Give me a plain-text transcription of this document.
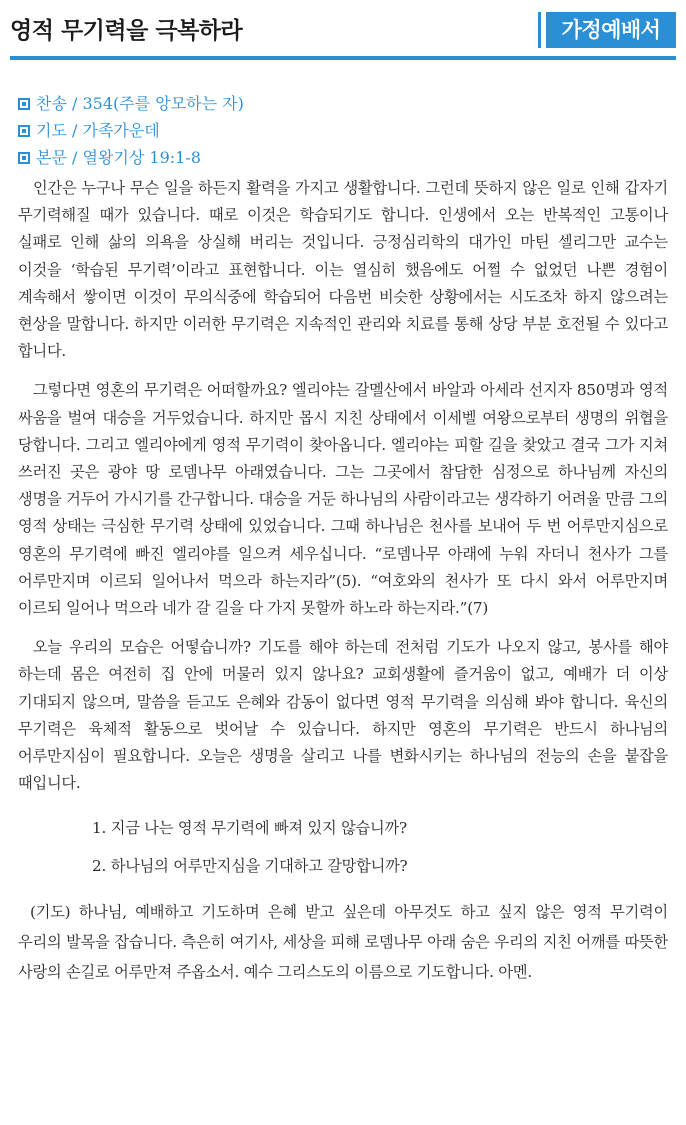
영적 무기력을 극복하라	가정예배서
찬송 / 354(주를 앙모하는 자)
기도 / 가족가운데
본문 / 열왕기상 19:1-8

인간은 누구나 무슨 일을 하든지 활력을 가지고 생활합니다. 그런데 뜻하지 않은 일로 인해 갑자기 무기력해질 때가 있습니다. 때로 이것은 학습되기도 합니다. 인생에서 오는 반복적인 고통이나 실패로 인해 삶의 의욕을 상실해 버리는 것입니다. 긍정심리학의 대가인 마틴 셀리그만 교수는 이것을 ‘학습된 무기력’이라고 표현합니다. 이는 열심히 했음에도 어쩔 수 없었던 나쁜 경험이 계속해서 쌓이면 이것이 무의식중에 학습되어 다음번 비슷한 상황에서는 시도조차 하지 않으려는 현상을 말합니다. 하지만 이러한 무기력은 지속적인 관리와 치료를 통해 상당 부분 호전될 수 있다고 합니다.

그렇다면 영혼의 무기력은 어떠할까요? 엘리야는 갈멜산에서 바알과 아세라 선지자 850명과 영적 싸움을 벌여 대승을 거두었습니다. 하지만 몹시 지친 상태에서 이세벨 여왕으로부터 생명의 위협을 당합니다. 그리고 엘리야에게 영적 무기력이 찾아옵니다. 엘리야는 피할 길을 찾았고 결국 그가 지쳐 쓰러진 곳은 광야 땅 로뎀나무 아래였습니다. 그는 그곳에서 참담한 심정으로 하나님께 자신의 생명을 거두어 가시기를 간구합니다. 대승을 거둔 하나님의 사람이라고는 생각하기 어려울 만큼 그의 영적 상태는 극심한 무기력 상태에 있었습니다. 그때 하나님은 천사를 보내어 두 번 어루만지심으로 영혼의 무기력에 빠진 엘리야를 일으켜 세우십니다. “로뎀나무 아래에 누워 자더니 천사가 그를 어루만지며 이르되 일어나서 먹으라 하는지라”(5). “여호와의 천사가 또 다시 와서 어루만지며 이르되 일어나 먹으라 네가 갈 길을 다 가지 못할까 하노라 하는지라.”(7)

오늘 우리의 모습은 어떻습니까? 기도를 해야 하는데 전처럼 기도가 나오지 않고, 봉사를 해야 하는데 몸은 여전히 집 안에 머물러 있지 않나요? 교회생활에 즐거움이 없고, 예배가 더 이상 기대되지 않으며, 말씀을 듣고도 은혜와 감동이 없다면 영적 무기력을 의심해 봐야 합니다. 육신의 무기력은 육체적 활동으로 벗어날 수 있습니다. 하지만 영혼의 무기력은 반드시 하나님의 어루만지심이 필요합니다. 오늘은 생명을 살리고 나를 변화시키는 하나님의 전능의 손을 붙잡을 때입니다.

1. 지금 나는 영적 무기력에 빠져 있지 않습니까?
2. 하나님의 어루만지심을 기대하고 갈망합니까?

(기도) 하나님, 예배하고 기도하며 은혜 받고 싶은데 아무것도 하고 싶지 않은 영적 무기력이 우리의 발목을 잡습니다. 측은히 여기사, 세상을 피해 로뎀나무 아래 숨은 우리의 지친 어깨를 따뜻한 사랑의 손길로 어루만져 주옵소서. 예수 그리스도의 이름으로 기도합니다. 아멘.
